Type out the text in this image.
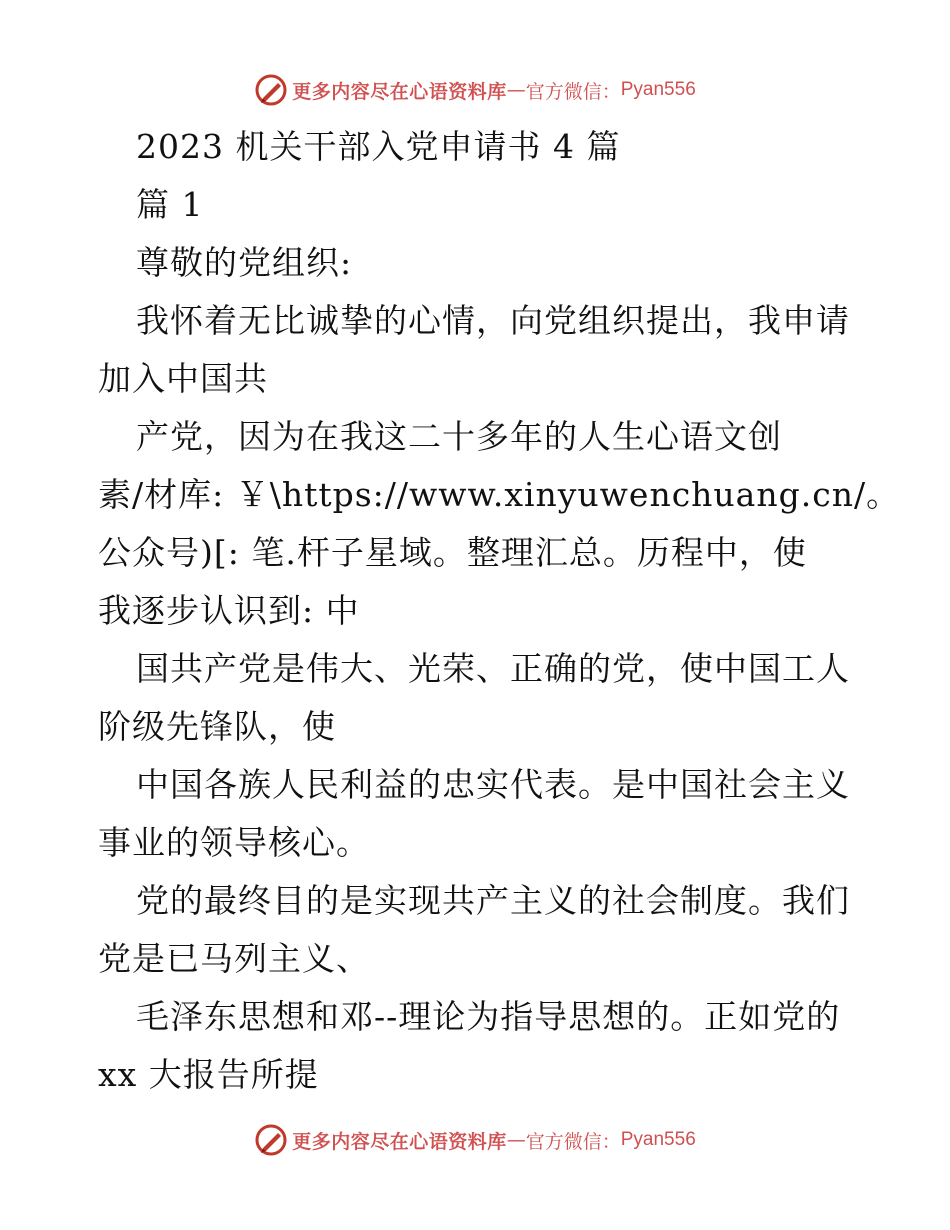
更多内容尽在心语资料库 — 官方微信： Pyan556
2023 机关干部入党申请书 4 篇
篇 1
尊敬的党组织:
我怀着无比诚挚的心情，向党组织提出，我申请
加入中国共
产党，因为在我这二十多年的人生心语文创
素/材库: ￥\https://www.xinyuwenchuang.cn/。
公众号)[: 笔.杆子星域。整理汇总。历程中，使
我逐步认识到: 中
国共产党是伟大、光荣、正确的党，使中国工人
阶级先锋队，使
中国各族人民利益的忠实代表。是中国社会主义
事业的领导核心。
党的最终目的是实现共产主义的社会制度。我们
党是已马列主义、
毛泽东思想和邓--理论为指导思想的。正如党的
xx 大报告所提
更多内容尽在心语资料库 — 官方微信： Pyan556
